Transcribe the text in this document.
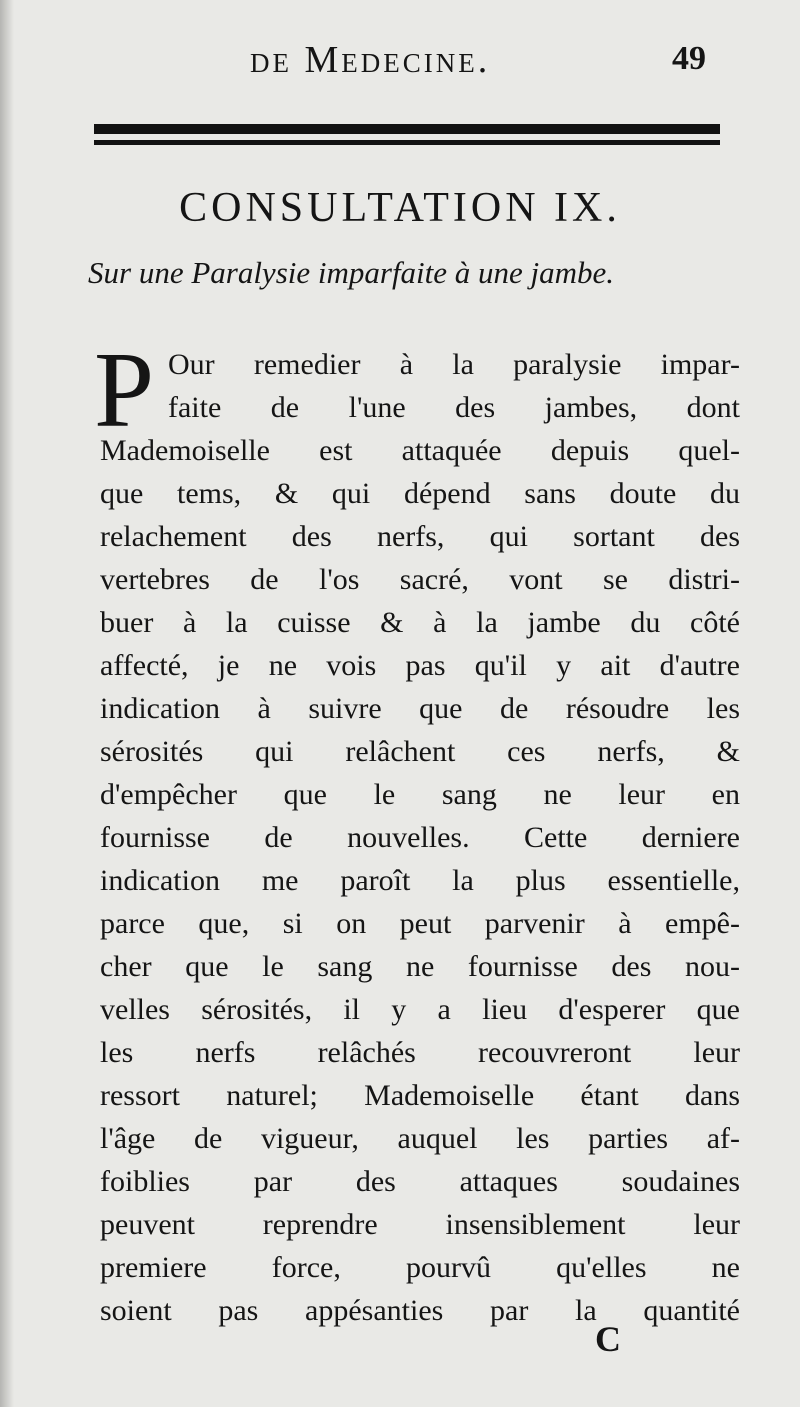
de Medecine.	49
CONSULTATION IX.
Sur une Paralysie imparfaite à une jambe.
P Our remedier à la paralysie impar-
faite de l'une des jambes, dont
Mademoiselle est attaquée depuis quel-
que tems, & qui dépend sans doute du
relachement des nerfs, qui sortant des
vertebres de l'os sacré, vont se distri-
buer à la cuisse & à la jambe du côté
affecté, je ne vois pas qu'il y ait d'autre
indication à suivre que de résoudre les
sérosités qui relâchent ces nerfs, &
d'empêcher que le sang ne leur en
fournisse de nouvelles. Cette derniere
indication me paroît la plus essentielle,
parce que, si on peut parvenir à empê-
cher que le sang ne fournisse des nou-
velles sérosités, il y a lieu d'esperer que
les nerfs relâchés recouvreront leur
ressort naturel; Mademoiselle étant dans
l'âge de vigueur, auquel les parties af-
foiblies par des attaques soudaines
peuvent reprendre insensiblement leur
premiere force, pourvû qu'elles ne
soient pas appésanties par la quantité
C
